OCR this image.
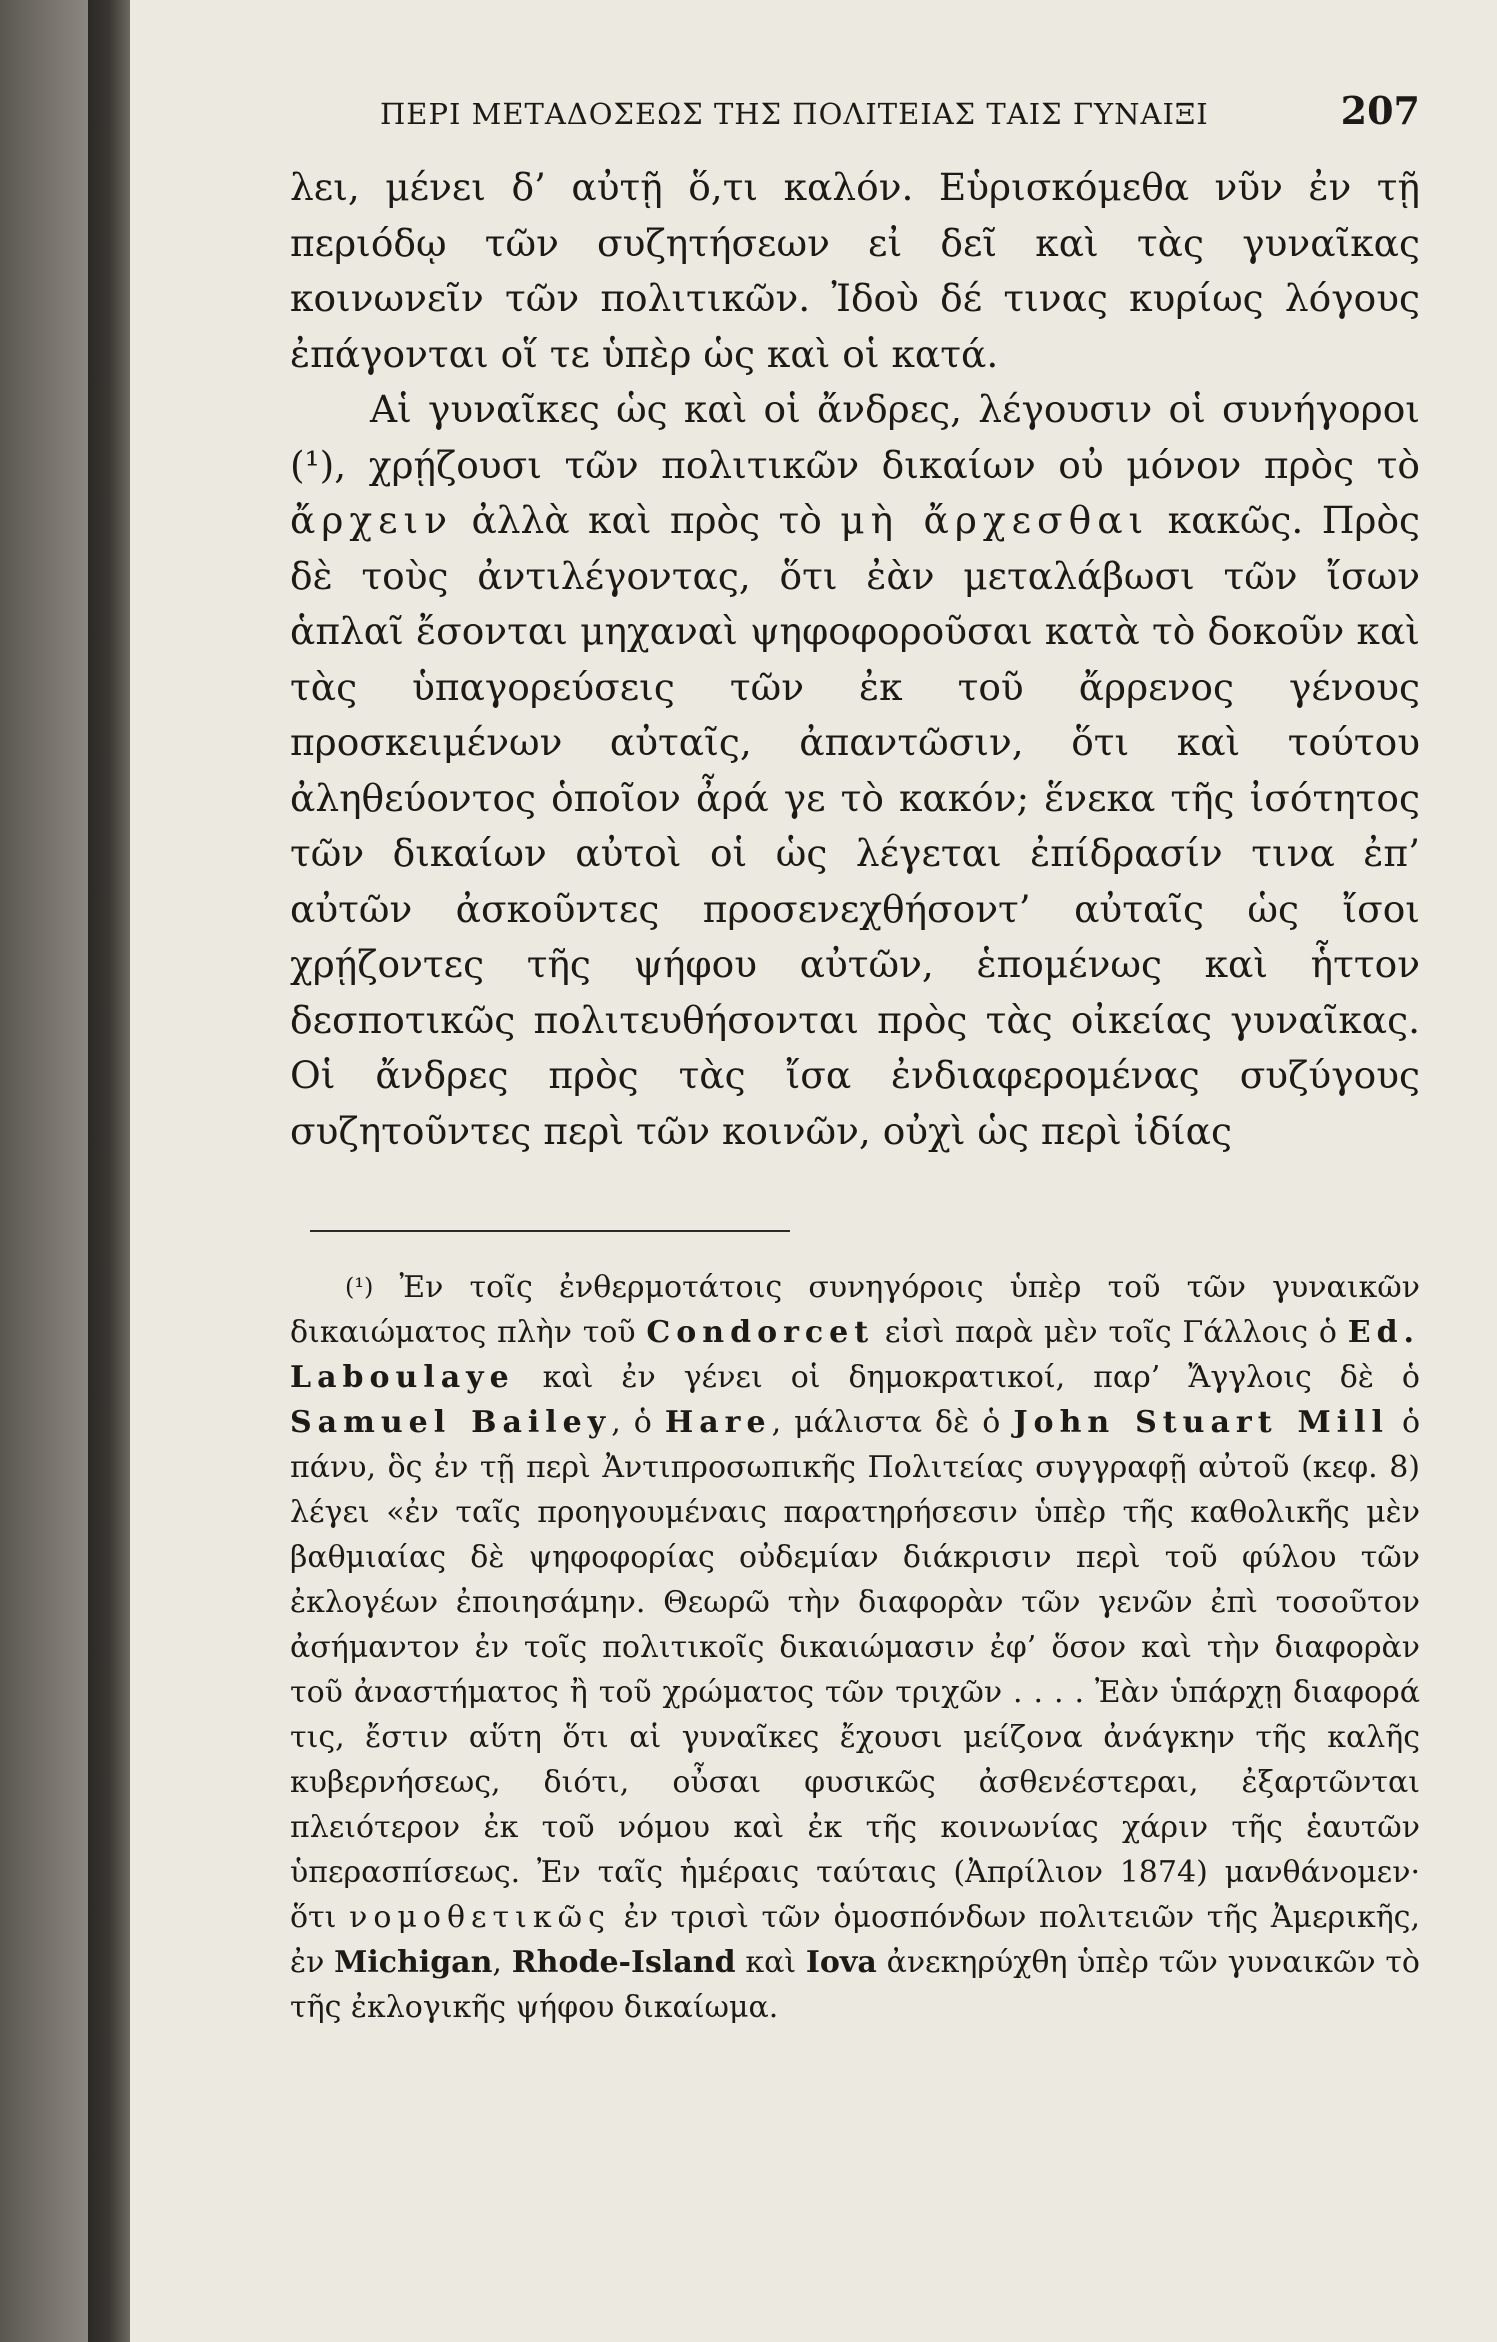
ΠΕΡΙ ΜΕΤΑΔΟΣΕΩΣ ΤΗΣ ΠΟΛΙΤΕΙΑΣ ΤΑΙΣ ΓΥΝΑΙΞΙ	207

λει, μένει δ’ αὐτῇ ὅ,τι καλόν. Εὑρισκόμεθα νῦν ἐν τῇ περιόδῳ τῶν συζητήσεων εἰ δεῖ καὶ τὰς γυναῖκας κοινωνεῖν τῶν πολιτικῶν. Ἰδοὺ δέ τινας κυρίως λόγους ἐπάγονται οἵ τε ὑπὲρ ὡς καὶ οἱ κατά.

Αἱ γυναῖκες ὡς καὶ οἱ ἄνδρες, λέγουσιν οἱ συνήγοροι (¹), χρῄζουσι τῶν πολιτικῶν δικαίων οὐ μόνον πρὸς τὸ ἄρχειν ἀλλὰ καὶ πρὸς τὸ μὴ ἄρχεσθαι κακῶς. Πρὸς δὲ τοὺς ἀντιλέγοντας, ὅτι ἐὰν μεταλάβωσι τῶν ἴσων ἁπλαῖ ἔσονται μηχαναὶ ψηφοφοροῦσαι κατὰ τὸ δοκοῦν καὶ τὰς ὑπαγορεύσεις τῶν ἐκ τοῦ ἄρρενος γένους προσκειμένων αὐταῖς, ἀπαντῶσιν, ὅτι καὶ τούτου ἀληθεύοντος ὁποῖον ἆρά γε τὸ κακόν; ἕνεκα τῆς ἰσότητος τῶν δικαίων αὐτοὶ οἱ ὡς λέγεται ἐπίδρασίν τινα ἐπ’ αὐτῶν ἀσκοῦντες προσενεχθήσοντ’ αὐταῖς ὡς ἴσοι χρῄζοντες τῆς ψήφου αὐτῶν, ἑπομένως καὶ ἧττον δεσποτικῶς πολιτευθήσονται πρὸς τὰς οἰκείας γυναῖκας. Οἱ ἄνδρες πρὸς τὰς ἴσα ἐνδιαφερομένας συζύγους συζητοῦντες περὶ τῶν κοινῶν, οὐχὶ ὡς περὶ ἰδίας

$^{(^1)}$ Ἐν τοῖς ἐνθερμοτάτοις συνηγόροις ὑπὲρ τοῦ τῶν γυναικῶν δικαιώματος πλὴν τοῦ Condorcet εἰσὶ παρὰ μὲν τοῖς Γάλλοις ὁ Ed. Laboulaye καὶ ἐν γένει οἱ δημοκρατικοί, παρ’ Ἄγγλοις δὲ ὁ Samuel Bailey, ὁ Hare, μάλιστα δὲ ὁ John Stuart Mill ὁ πάνυ, ὃς ἐν τῇ περὶ Ἀντιπροσωπικῆς Πολιτείας συγγραφῇ αὐτοῦ (κεφ. 8) λέγει «ἐν ταῖς προηγουμέναις παρατηρήσεσιν ὑπὲρ τῆς καθολικῆς μὲν βαθμιαίας δὲ ψηφοφορίας οὐδεμίαν διάκρισιν περὶ τοῦ φύλου τῶν ἐκλογέων ἐποιησάμην. Θεωρῶ τὴν διαφορὰν τῶν γενῶν ἐπὶ τοσοῦτον ἀσήμαντον ἐν τοῖς πολιτικοῖς δικαιώμασιν ἐφ’ ὅσον καὶ τὴν διαφορὰν τοῦ ἀναστήματος ἢ τοῦ χρώματος τῶν τριχῶν . . . . Ἐὰν ὑπάρχῃ διαφορά τις, ἔστιν αὕτη ὅτι αἱ γυναῖκες ἔχουσι μείζονα ἀνάγκην τῆς καλῆς κυβερνήσεως, διότι, οὖσαι φυσικῶς ἀσθενέστεραι, ἐξαρτῶνται πλειότερον ἐκ τοῦ νόμου καὶ ἐκ τῆς κοινωνίας χάριν τῆς ἑαυτῶν ὑπερασπίσεως. Ἐν ταῖς ἡμέραις ταύταις (Ἀπρίλιον 1874) μανθάνομεν· ὅτι νομοθετικῶς ἐν τρισὶ τῶν ὁμοσπόνδων πολιτειῶν τῆς Ἀμερικῆς, ἐν Michigan, Rhode-Island καὶ Iova ἀνεκηρύχθη ὑπὲρ τῶν γυναικῶν τὸ τῆς ἐκλογικῆς ψήφου δικαίωμα.
